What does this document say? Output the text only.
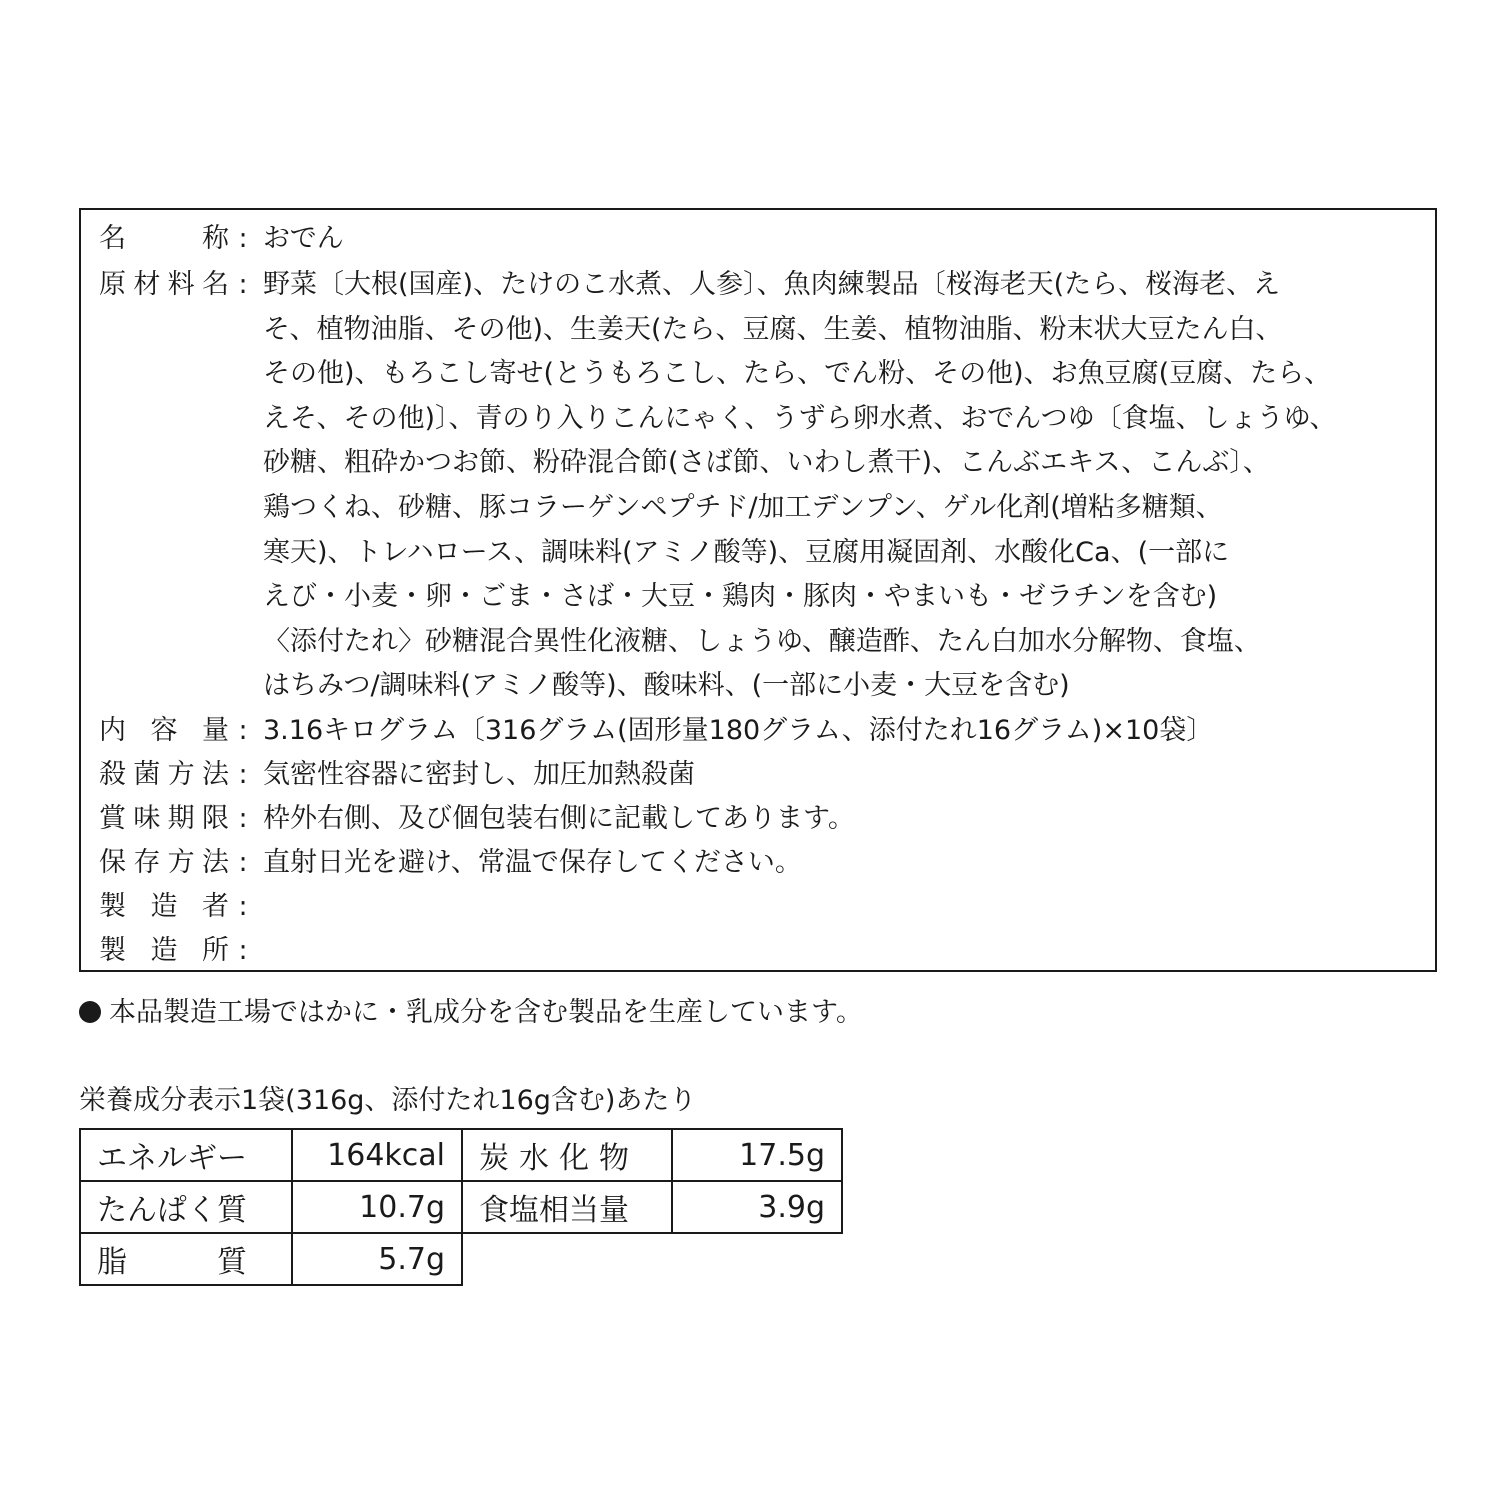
名	称 : おでん
原 材 料 名 : 野菜〔大根(国産)、たけのこ水煮、人参〕、魚肉練製品〔桜海老天(たら、桜海老、え
そ、植物油脂、その他)、生姜天(たら、豆腐、生姜、植物油脂、粉末状大豆たん白、
その他)、もろこし寄せ(とうもろこし、たら、でん粉、その他)、お魚豆腐(豆腐、たら、
えそ、その他)〕、青のり入りこんにゃく、うずら卵水煮、おでんつゆ〔食塩、しょうゆ、
砂糖、粗砕かつお節、粉砕混合節(さば節、いわし煮干)、こんぶエキス、こんぶ〕、
鶏つくね、砂糖、豚コラーゲンペプチド/加工デンプン、ゲル化剤(増粘多糖類、
寒天)、トレハロース、調味料(アミノ酸等)、豆腐用凝固剤、水酸化Ca、(一部に
えび・小麦・卵・ごま・さば・大豆・鶏肉・豚肉・やまいも・ゼラチンを含む)
〈添付たれ〉砂糖混合異性化液糖、しょうゆ、醸造酢、たん白加水分解物、食塩、
はちみつ/調味料(アミノ酸等)、酸味料、(一部に小麦・大豆を含む)
内 容 量 : 3.16キログラム〔316グラム(固形量180グラム、添付たれ16グラム)×10袋〕
殺 菌 方 法 : 気密性容器に密封し、加圧加熱殺菌
賞 味 期 限 : 枠外右側、及び個包装右側に記載してあります。
保 存 方 法 : 直射日光を避け、常温で保存してください。
製 造 者 :
製 造 所 :
本品製造工場ではかに・乳成分を含む製品を生産しています。
栄養成分表示1袋(316g、添付たれ16g含む)あたり
エネルギー	164kcal	炭 水 化 物	17.5g
たんぱく質	10.7g	食塩相当量	3.9g

脂 質	5.7g		
